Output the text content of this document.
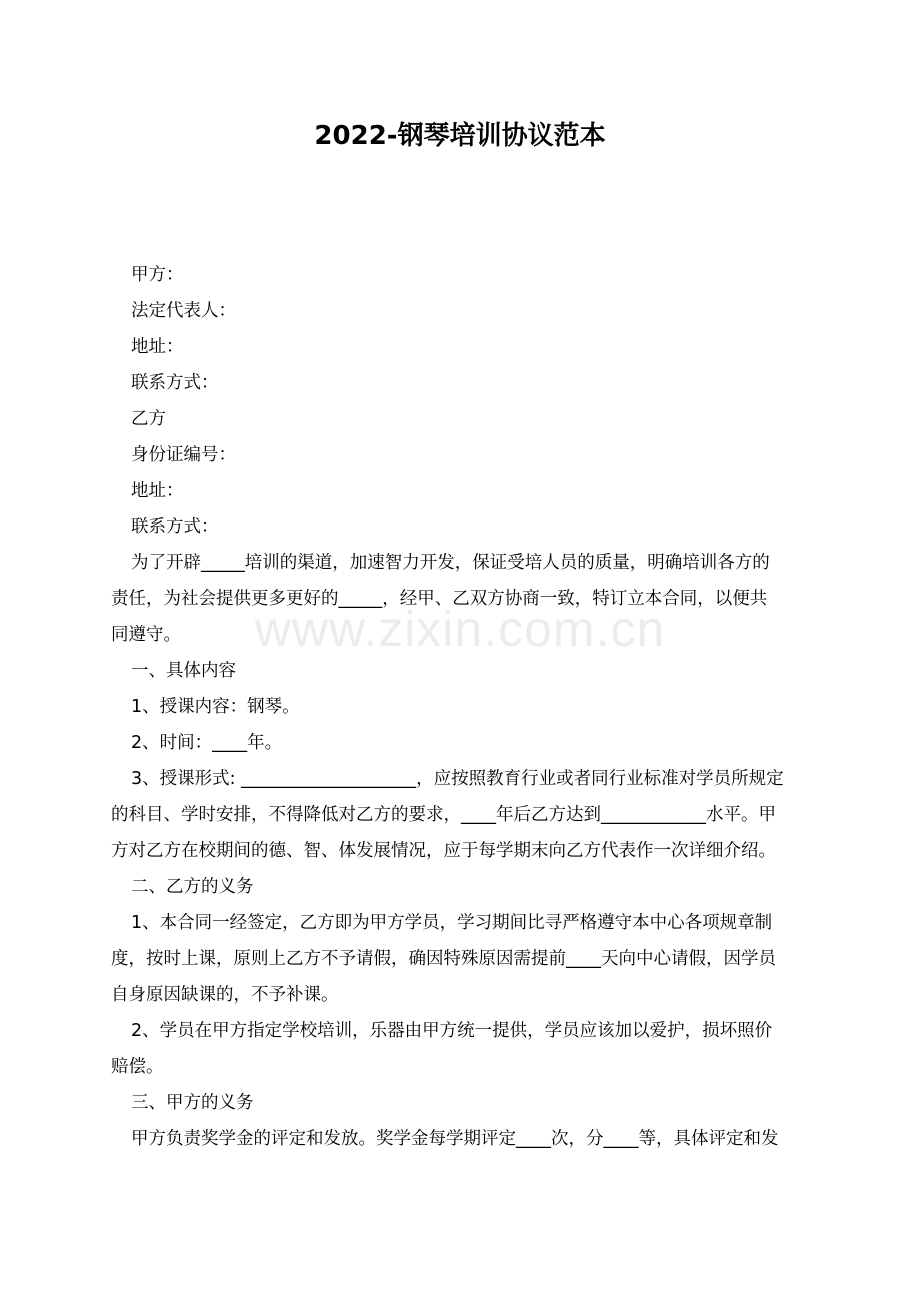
www.zixin.com.cn
2022-钢琴培训协议范本

甲方：

法定代表人：

地址：

联系方式：

乙方

身份证编号：

地址：

联系方式：

为了开辟_____培训的渠道，加速智力开发，保证受培人员的质量，明确培训各方的

责任，为社会提供更多更好的_____，经甲、乙双方协商一致，特订立本合同，以便共

同遵守。

一、具体内容

1、授课内容：钢琴。

2、时间：____年。

3、授课形式: ____________________，应按照教育行业或者同行业标准对学员所规定

的科目、学时安排，不得降低对乙方的要求，____年后乙方达到____________水平。甲

方对乙方在校期间的德、智、体发展情况，应于每学期末向乙方代表作一次详细介绍。

二、乙方的义务

1、本合同一经签定，乙方即为甲方学员，学习期间比寻严格遵守本中心各项规章制

度，按时上课，原则上乙方不予请假，确因特殊原因需提前____天向中心请假，因学员

自身原因缺课的，不予补课。

2、学员在甲方指定学校培训，乐器由甲方统一提供，学员应该加以爱护，损坏照价

赔偿。

三、甲方的义务

甲方负责奖学金的评定和发放。奖学金每学期评定____次，分____等，具体评定和发
